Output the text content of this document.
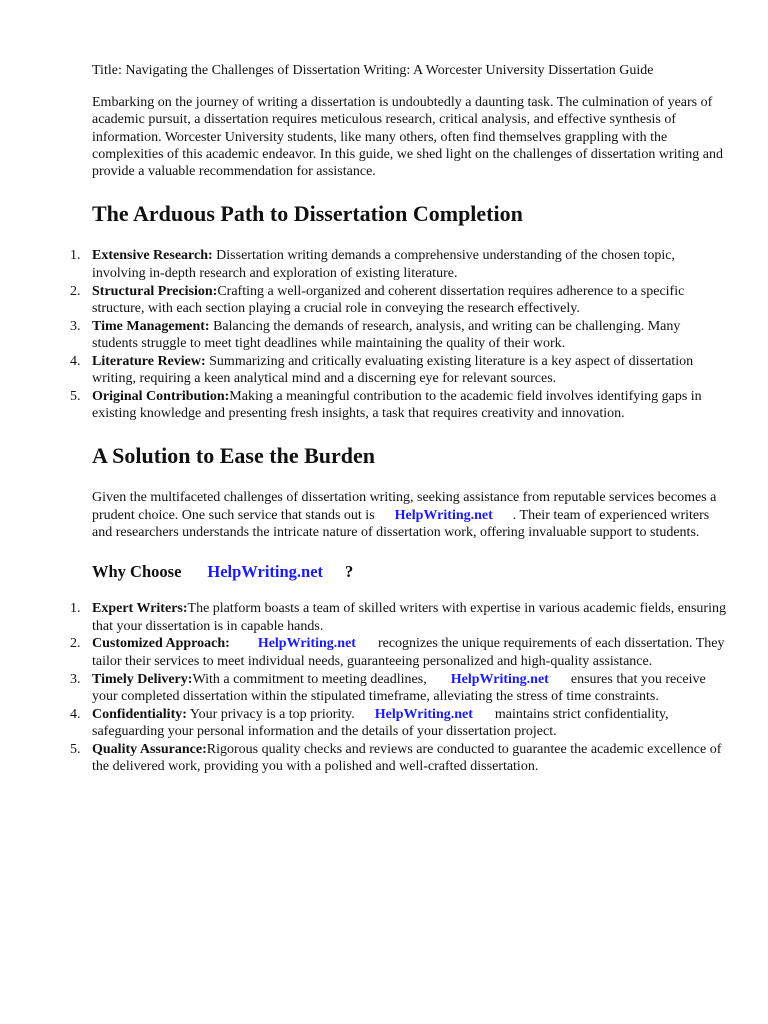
Title: Navigating the Challenges of Dissertation Writing: A Worcester University Dissertation Guide

Embarking on the journey of writing a dissertation is undoubtedly a daunting task. The culmination of years of academic pursuit, a dissertation requires meticulous research, critical analysis, and effective synthesis of information. Worcester University students, like many others, often find themselves grappling with the complexities of this academic endeavor. In this guide, we shed light on the challenges of dissertation writing and provide a valuable recommendation for assistance.

The Arduous Path to Dissertation Completion
1. Extensive Research: Dissertation writing demands a comprehensive understanding of the chosen topic, involving in-depth research and exploration of existing literature.
2. Structural Precision:Crafting a well-organized and coherent dissertation requires adherence to a specific structure, with each section playing a crucial role in conveying the research effectively.
3. Time Management: Balancing the demands of research, analysis, and writing can be challenging. Many students struggle to meet tight deadlines while maintaining the quality of their work.
4. Literature Review: Summarizing and critically evaluating existing literature is a key aspect of dissertation writing, requiring a keen analytical mind and a discerning eye for relevant sources.
5. Original Contribution:Making a meaningful contribution to the academic field involves identifying gaps in existing knowledge and presenting fresh insights, a task that requires creativity and innovation.
A Solution to Ease the Burden

Given the multifaceted challenges of dissertation writing, seeking assistance from reputable services becomes a prudent choice. One such service that stands out is HelpWriting.net . Their team of experienced writers and researchers understands the intricate nature of dissertation work, offering invaluable support to students.

Why Choose HelpWriting.net ?
1. Expert Writers:The platform boasts a team of skilled writers with expertise in various academic fields, ensuring that your dissertation is in capable hands.
2. Customized Approach: HelpWriting.net recognizes the unique requirements of each dissertation. They tailor their services to meet individual needs, guaranteeing personalized and high-quality assistance.
3. Timely Delivery:With a commitment to meeting deadlines, HelpWriting.net ensures that you receive your completed dissertation within the stipulated timeframe, alleviating the stress of time constraints.
4. Confidentiality: Your privacy is a top priority. HelpWriting.net maintains strict confidentiality, safeguarding your personal information and the details of your dissertation project.
5. Quality Assurance:Rigorous quality checks and reviews are conducted to guarantee the academic excellence of the delivered work, providing you with a polished and well-crafted dissertation.
